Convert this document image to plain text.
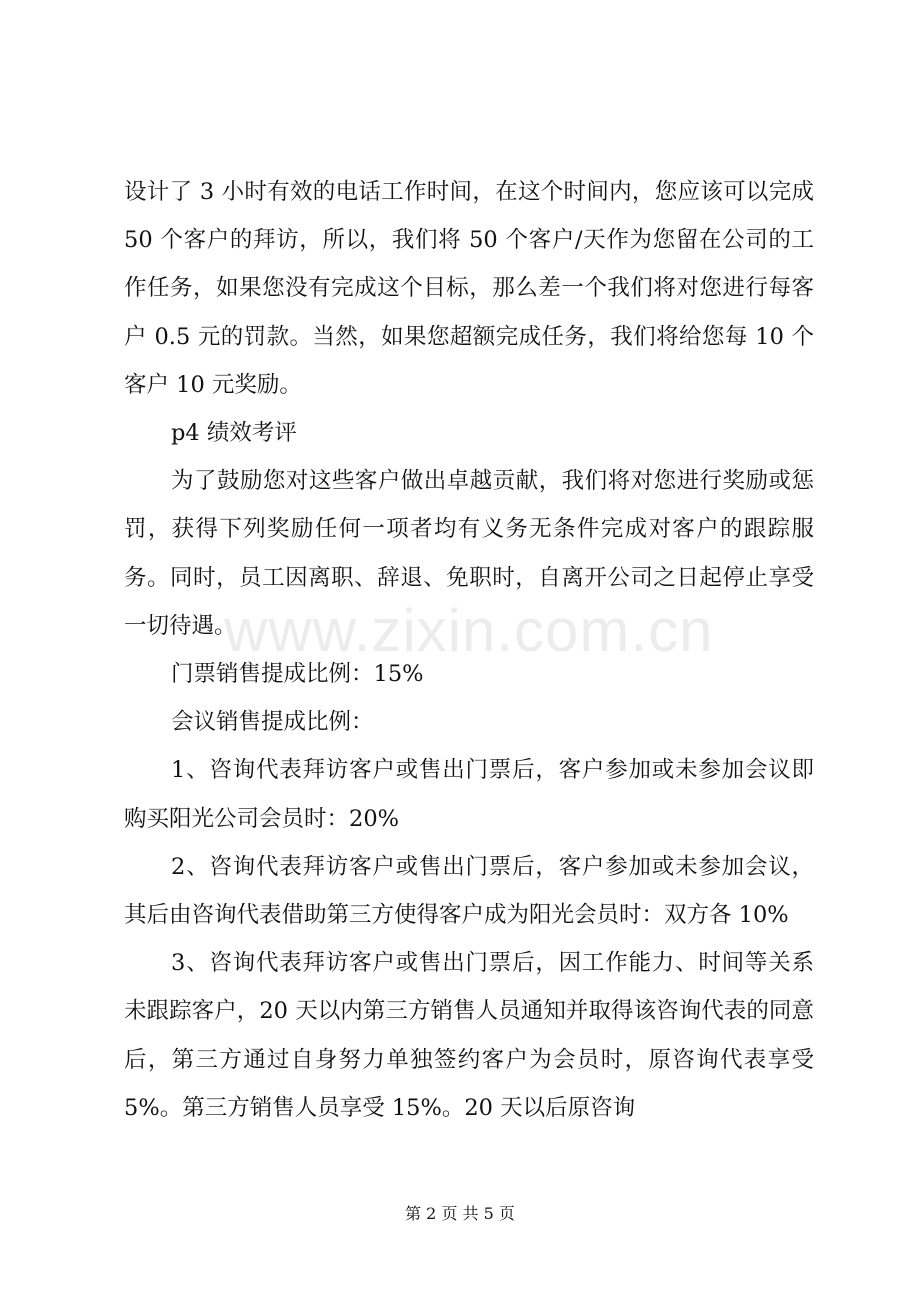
设计了 3 小时有效的电话工作时间，在这个时间内，您应该可以完成 50 个客户的拜访，所以，我们将 50 个客户/天作为您留在公司的工作任务，如果您没有完成这个目标，那么差一个我们将对您进行每客户 0.5 元的罚款。当然，如果您超额完成任务，我们将给您每 10 个客户 10 元奖励。

p4 绩效考评

为了鼓励您对这些客户做出卓越贡献，我们将对您进行奖励或惩罚，获得下列奖励任何一项者均有义务无条件完成对客户的跟踪服务。同时，员工因离职、辞退、免职时，自离开公司之日起停止享受一切待遇。

门票销售提成比例：15%

会议销售提成比例：

1、咨询代表拜访客户或售出门票后，客户参加或未参加会议即购买阳光公司会员时：20%

2、咨询代表拜访客户或售出门票后，客户参加或未参加会议，其后由咨询代表借助第三方使得客户成为阳光会员时：双方各 10%

3、咨询代表拜访客户或售出门票后，因工作能力、时间等关系未跟踪客户，20 天以内第三方销售人员通知并取得该咨询代表的同意后，第三方通过自身努力单独签约客户为会员时，原咨询代表享受 5%。第三方销售人员享受 15%。20 天以后原咨询

www.zixin.com.cn
第 2 页 共 5 页
